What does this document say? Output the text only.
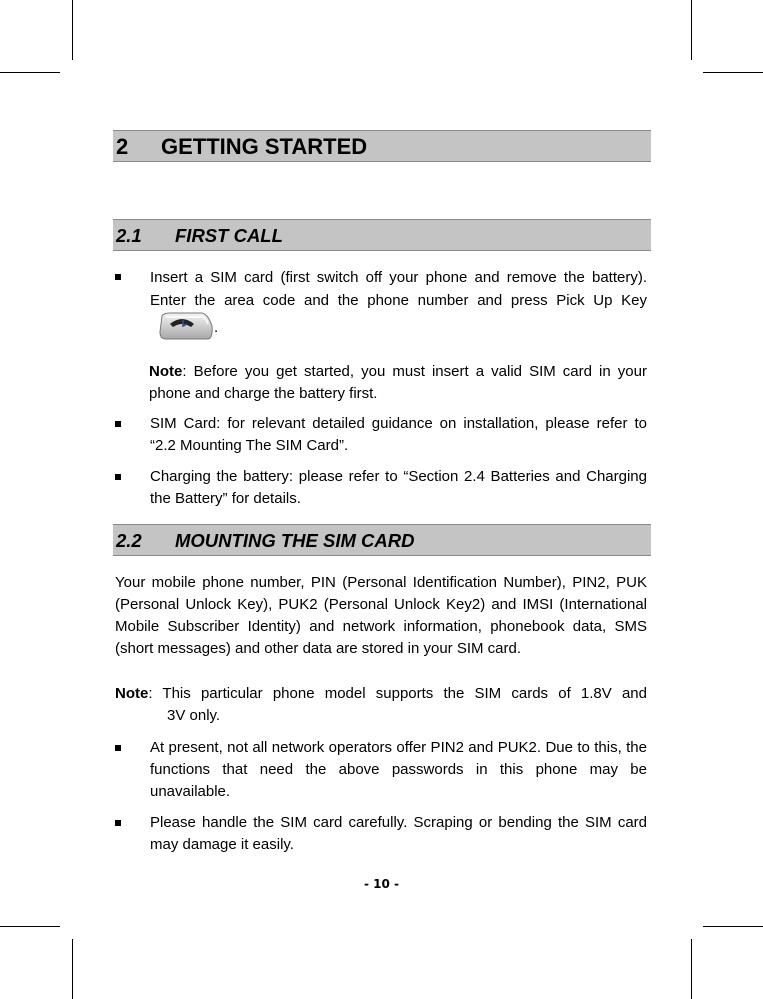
2 GETTING STARTED
2.1 FIRST CALL
Insert a SIM card (first switch off your phone and remove the battery). Enter the area code and the phone number and press Pick Up Key.
Note: Before you get started, you must insert a valid SIM card in your phone and charge the battery first.
SIM Card: for relevant detailed guidance on installation, please refer to “2.2 Mounting The SIM Card”.
Charging the battery: please refer to “Section 2.4 Batteries and Charging the Battery” for details.
2.2 MOUNTING THE SIM CARD
Your mobile phone number, PIN (Personal Identification Number), PIN2, PUK (Personal Unlock Key), PUK2 (Personal Unlock Key2) and IMSI (International Mobile Subscriber Identity) and network information, phonebook data, SMS (short messages) and other data are stored in your SIM card.
Note: This particular phone model supports the SIM cards of 1.8V and
3V only.
At present, not all network operators offer PIN2 and PUK2. Due to this, the functions that need the above passwords in this phone may be unavailable.
Please handle the SIM card carefully. Scraping or bending the SIM card may damage it easily.
- 10 -
